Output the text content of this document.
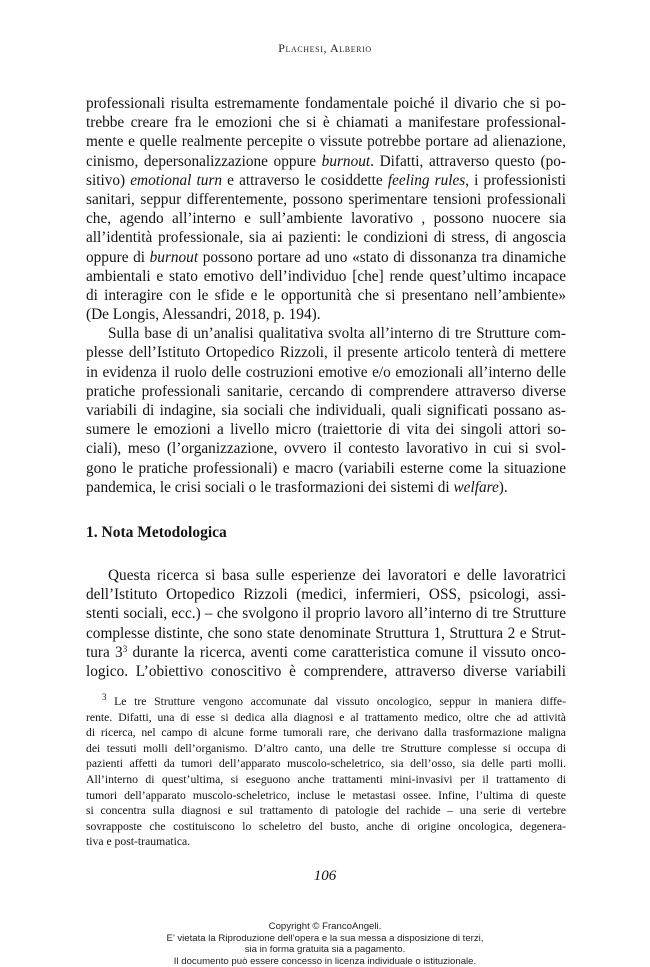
Plachesi, Alberio
professionali risulta estremamente fondamentale poiché il divario che si po-
trebbe creare fra le emozioni che si è chiamati a manifestare professional-
mente e quelle realmente percepite o vissute potrebbe portare ad alienazione,
cinismo, depersonalizzazione oppure burnout. Difatti, attraverso questo (po-
sitivo) emotional turn e attraverso le cosiddette feeling rules, i professionisti
sanitari, seppur differentemente, possono sperimentare tensioni professionali
che, agendo all’interno e sull’ambiente lavorativo , possono nuocere sia
all’identità professionale, sia ai pazienti: le condizioni di stress, di angoscia
oppure di burnout possono portare ad uno «stato di dissonanza tra dinamiche
ambientali e stato emotivo dell’individuo [che] rende quest’ultimo incapace
di interagire con le sfide e le opportunità che si presentano nell’ambiente»
(De Longis, Alessandri, 2018, p. 194).
Sulla base di un’analisi qualitativa svolta all’interno di tre Strutture com-
plesse dell’Istituto Ortopedico Rizzoli, il presente articolo tenterà di mettere
in evidenza il ruolo delle costruzioni emotive e/o emozionali all’interno delle
pratiche professionali sanitarie, cercando di comprendere attraverso diverse
variabili di indagine, sia sociali che individuali, quali significati possano as-
sumere le emozioni a livello micro (traiettorie di vita dei singoli attori so-
ciali), meso (l’organizzazione, ovvero il contesto lavorativo in cui si svol-
gono le pratiche professionali) e macro (variabili esterne come la situazione
pandemica, le crisi sociali o le trasformazioni dei sistemi di welfare).
1. Nota Metodologica
Questa ricerca si basa sulle esperienze dei lavoratori e delle lavoratrici
dell’Istituto Ortopedico Rizzoli (medici, infermieri, OSS, psicologi, assi-
stenti sociali, ecc.) – che svolgono il proprio lavoro all’interno di tre Strutture
complesse distinte, che sono state denominate Struttura 1, Struttura 2 e Strut-
tura $3^3$ durante la ricerca, aventi come caratteristica comune il vissuto onco-
logico. L’obiettivo conoscitivo è comprendere, attraverso diverse variabili
$^3$ Le tre Strutture vengono accomunate dal vissuto oncologico, seppur in maniera diffe-
rente. Difatti, una di esse si dedica alla diagnosi e al trattamento medico, oltre che ad attività
di ricerca, nel campo di alcune forme tumorali rare, che derivano dalla trasformazione maligna
dei tessuti molli dell’organismo. D’altro canto, una delle tre Strutture complesse si occupa di
pazienti affetti da tumori dell’apparato muscolo-scheletrico, sia dell’osso, sia delle parti molli.
All’interno di quest’ultima, si eseguono anche trattamenti mini-invasivi per il trattamento di
tumori dell’apparato muscolo-scheletrico, incluse le metastasi ossee. Infine, l’ultima di queste
si concentra sulla diagnosi e sul trattamento di patologie del rachide – una serie di vertebre
sovrapposte che costituiscono lo scheletro del busto, anche di origine oncologica, degenera-
tiva e post-traumatica.
106
Copyright © FrancoAngeli.
E’ vietata la Riproduzione dell’opera e la sua messa a disposizione di terzi,
sia in forma gratuita sia a pagamento.
Il documento può essere concesso in licenza individuale o istituzionale.
